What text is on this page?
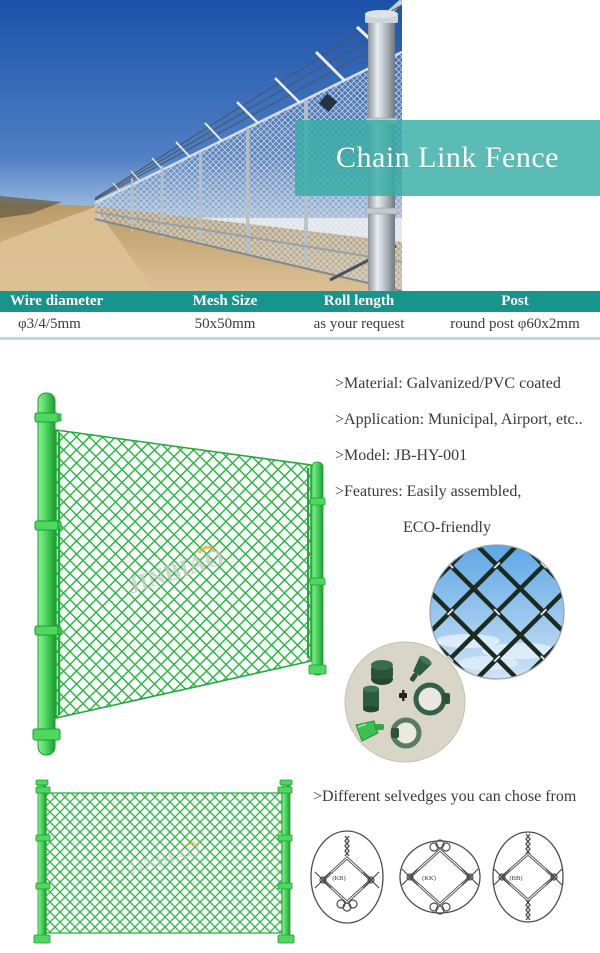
Chain Link Fence
Wire diameter	Mesh Size	Roll length	Post
φ3/4/5mm	50x50mm	as your request	round post φ60x2mm
JINBIAO
>Material: Galvanized/PVC coated
>Application: Municipal, Airport, etc..
>Model: JB-HY-001
>Features: Easily assembled,
ECO-friendly
JINBIAO
>Different selvedges you can chose from
(KB)	(KK)	(BB)
